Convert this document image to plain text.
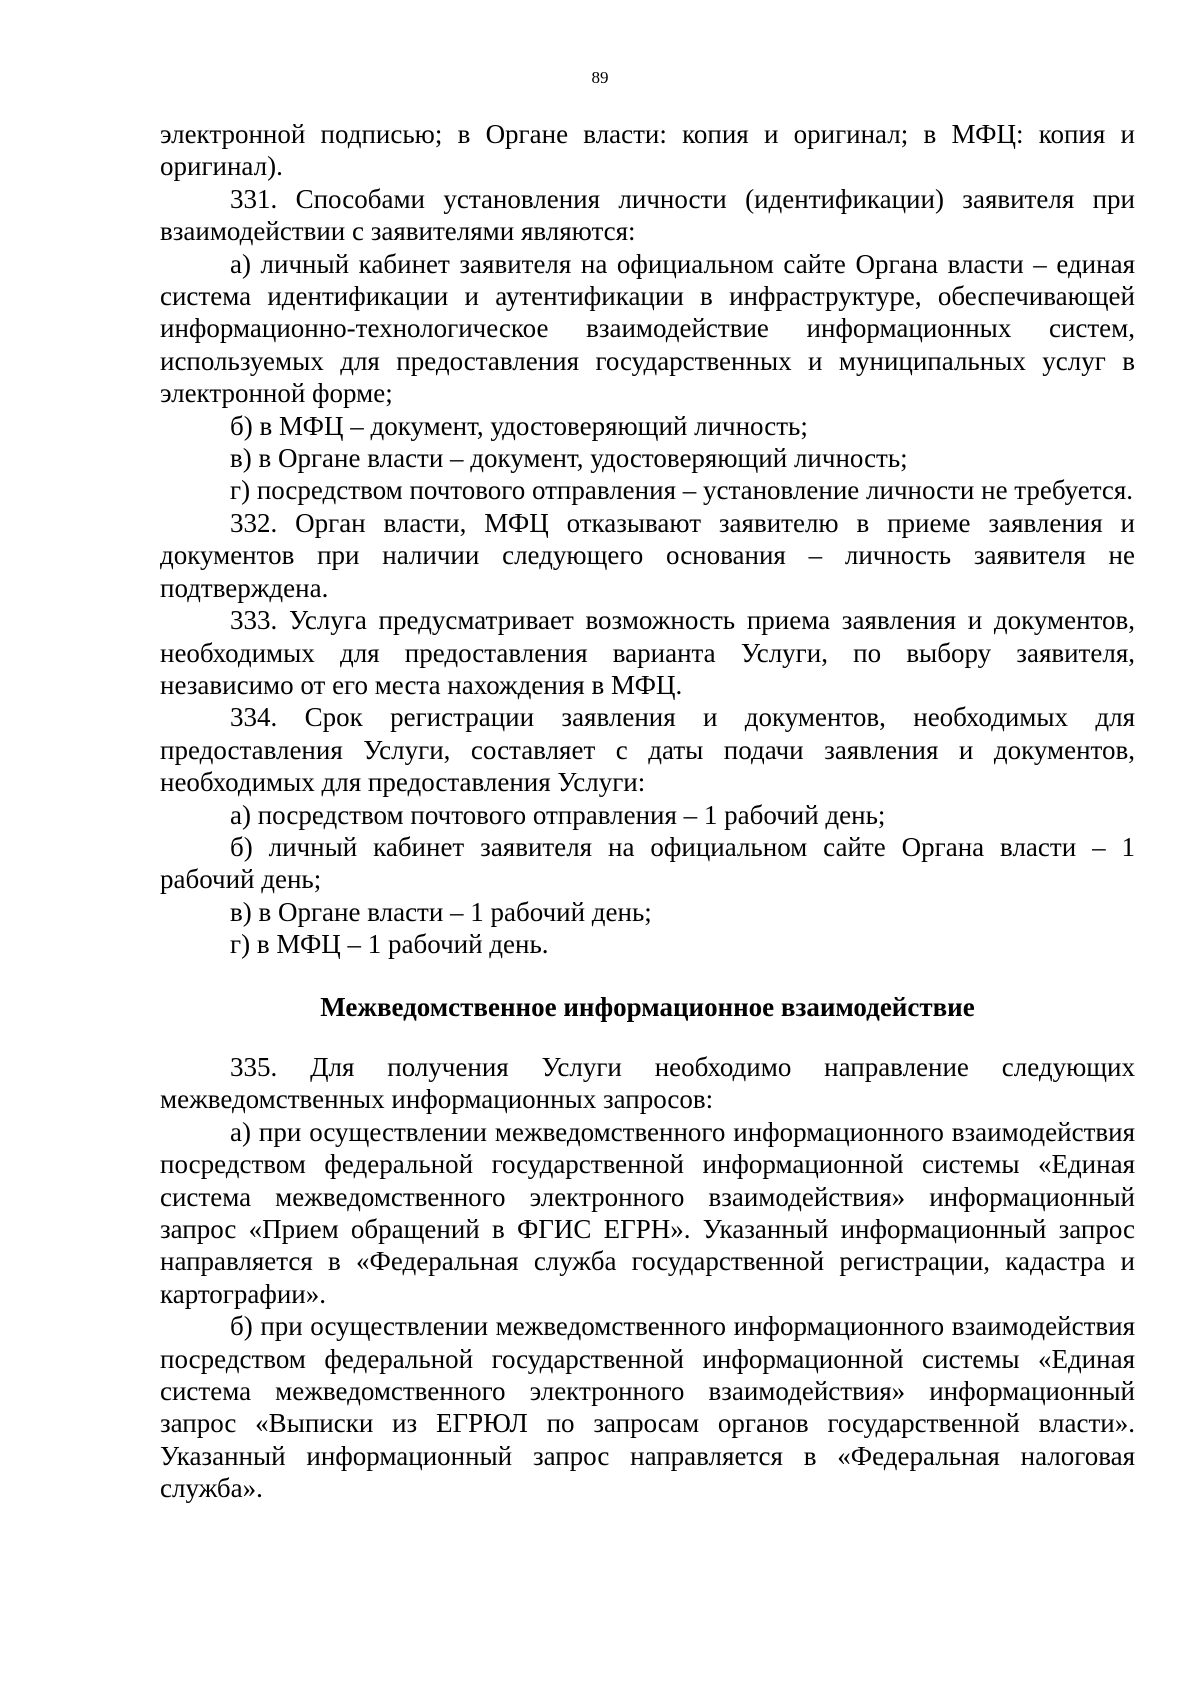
89

электронной подписью; в Органе власти: копия и оригинал; в МФЦ: копия и оригинал).

331. Способами установления личности (идентификации) заявителя при взаимодействии с заявителями являются:

а) личный кабинет заявителя на официальном сайте Органа власти – единая система идентификации и аутентификации в инфраструктуре, обеспечивающей информационно-технологическое взаимодействие информационных систем, используемых для предоставления государственных и муниципальных услуг в электронной форме;

б) в МФЦ – документ, удостоверяющий личность;

в) в Органе власти – документ, удостоверяющий личность;

г) посредством почтового отправления – установление личности не требуется.

332. Орган власти, МФЦ отказывают заявителю в приеме заявления и документов при наличии следующего основания – личность заявителя не подтверждена.

333. Услуга предусматривает возможность приема заявления и документов, необходимых для предоставления варианта Услуги, по выбору заявителя, независимо от его места нахождения в МФЦ.

334. Срок регистрации заявления и документов, необходимых для предоставления Услуги, составляет с даты подачи заявления и документов, необходимых для предоставления Услуги:

а) посредством почтового отправления – 1 рабочий день;

б) личный кабинет заявителя на официальном сайте Органа власти – 1 рабочий день;

в) в Органе власти – 1 рабочий день;

г) в МФЦ – 1 рабочий день.

Межведомственное информационное взаимодействие

335. Для получения Услуги необходимо направление следующих межведомственных информационных запросов:

а) при осуществлении межведомственного информационного взаимодействия посредством федеральной государственной информационной системы «Единая система межведомственного электронного взаимодействия» информационный запрос «Прием обращений в ФГИС ЕГРН». Указанный информационный запрос направляется в «Федеральная служба государственной регистрации, кадастра и картографии».

б) при осуществлении межведомственного информационного взаимодействия посредством федеральной государственной информационной системы «Единая система межведомственного электронного взаимодействия» информационный запрос «Выписки из ЕГРЮЛ по запросам органов государственной власти». Указанный информационный запрос направляется в «Федеральная налоговая служба».
